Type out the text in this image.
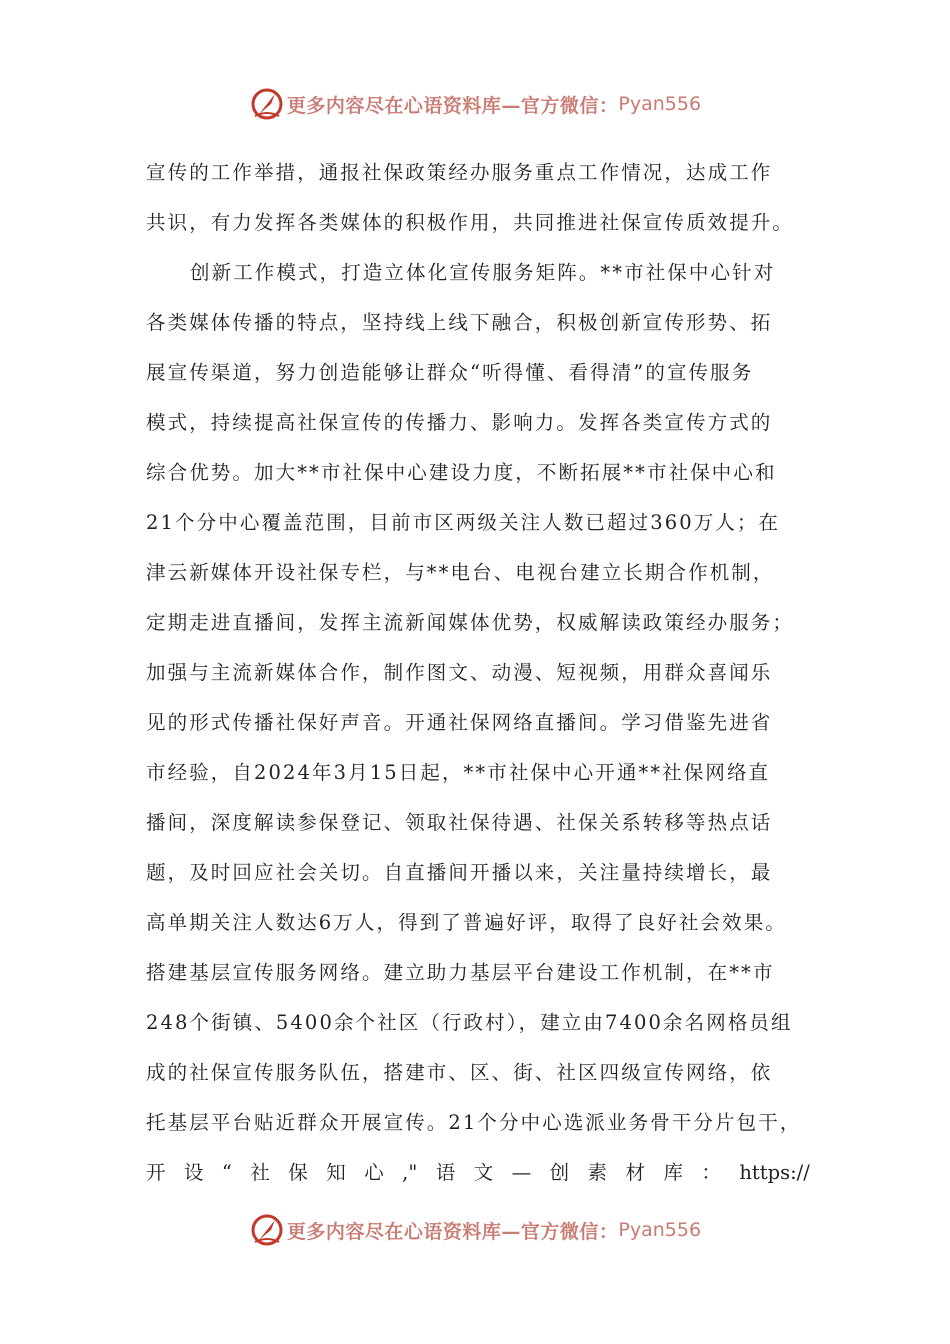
更多内容尽在心语资料库—官方微信： Pyan556
宣传的工作举措，通报社保政策经办服务重点工作情况，达成工作
共识，有力发挥各类媒体的积极作用，共同推进社保宣传质效提升。
创新工作模式，打造立体化宣传服务矩阵。**市社保中心针对
各类媒体传播的特点，坚持线上线下融合，积极创新宣传形势、拓
展宣传渠道，努力创造能够让群众“听得懂、看得清”的宣传服务
模式，持续提高社保宣传的传播力、影响力。发挥各类宣传方式的
综合优势。加大**市社保中心建设力度，不断拓展**市社保中心和
21个分中心覆盖范围，目前市区两级关注人数已超过360万人；在
津云新媒体开设社保专栏，与**电台、电视台建立长期合作机制，
定期走进直播间，发挥主流新闻媒体优势，权威解读政策经办服务；
加强与主流新媒体合作，制作图文、动漫、短视频，用群众喜闻乐
见的形式传播社保好声音。开通社保网络直播间。学习借鉴先进省
市经验，自2024年3月15日起，**市社保中心开通**社保网络直
播间，深度解读参保登记、领取社保待遇、社保关系转移等热点话
题，及时回应社会关切。自直播间开播以来，关注量持续增长，最
高单期关注人数达6万人，得到了普遍好评，取得了良好社会效果。
搭建基层宣传服务网络。建立助力基层平台建设工作机制，在**市
248个街镇、5400余个社区（行政村），建立由7400余名网格员组
成的社保宣传服务队伍，搭建市、区、街、社区四级宣传网络，依
托基层平台贴近群众开展宣传。21个分中心选派业务骨干分片包干，
开 设 “ 社 保 知 心 ," 语 文 — 创 素 材 库 ： https://
更多内容尽在心语资料库—官方微信： Pyan556
